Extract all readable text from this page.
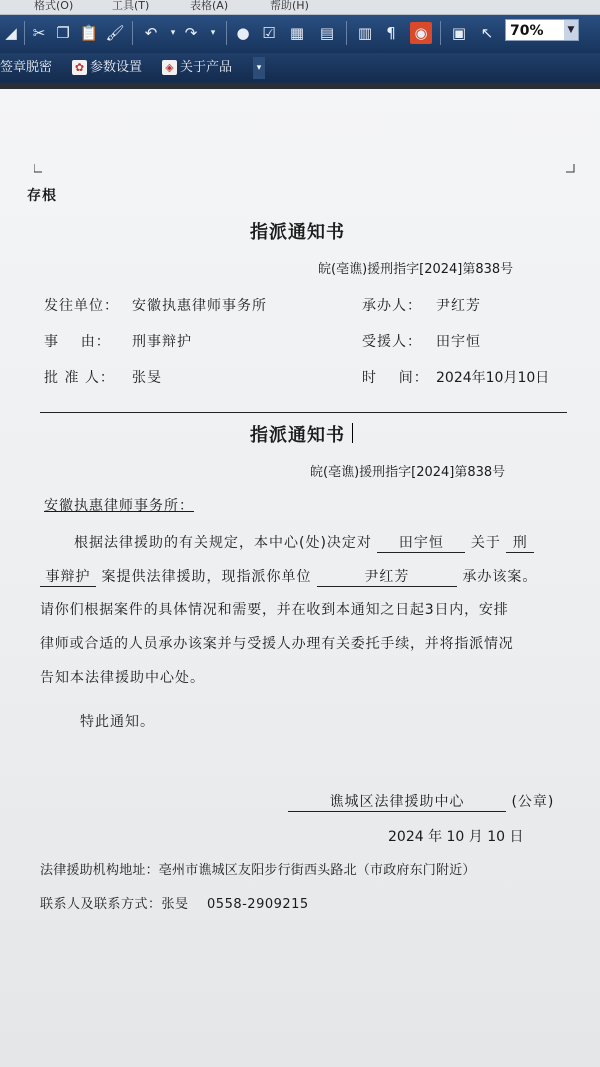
格式(O)	工具(T)	表格(A)	帮助(H)
◢	✂ ❐ 📋 🖌	↶	▾ ↷	▾	● ☑ ▦ ▤ ▥ ¶	◉ ▣ ↖	70%	▼
签章脱密 ✿ 参数设置 ◈ 关于产品	▾
存根
指派通知书
皖(亳谯)援刑指字[2024]第838号
发往单位： 安徽执惠律师事务所	承办人： 尹红芳
事    由： 刑事辩护	受援人： 田宇恒
批 准 人： 张旻	时    间： 2024年10月10日
指派通知书
皖(亳谯)援刑指字[2024]第838号
安徽执惠律师事务所：
根据法律援助的有关规定，本中心(处)决定对 田宇恒 关于 刑
事辩护 案提供法律援助，现指派你单位	尹红芳	承办该案。
请你们根据案件的具体情况和需要，并在收到本通知之日起3日内，安排
律师或合适的人员承办该案并与受援人办理有关委托手续，并将指派情况
告知本法律援助中心处。
特此通知。
谯城区法律援助中心	(公章)
2024 年 10 月 10 日
法律援助机构地址：亳州市谯城区友阳步行街西头路北（市政府东门附近）
联系人及联系方式：张旻    0558-2909215
